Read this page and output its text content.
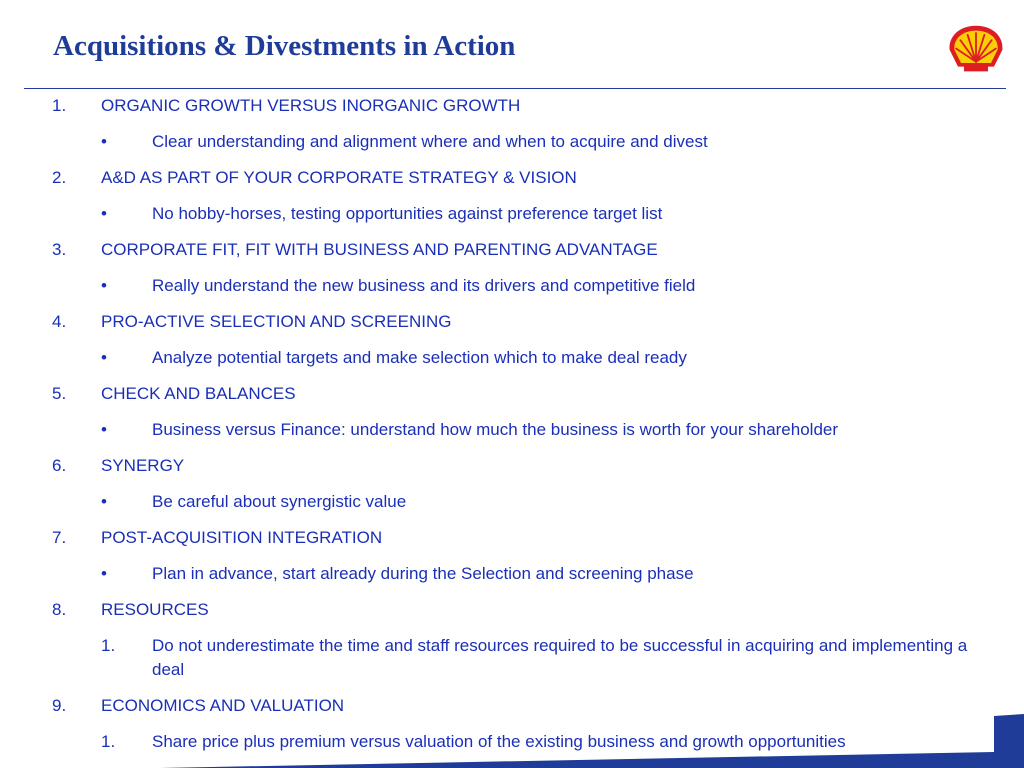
Acquisitions & Divestments in Action
1. ORGANIC GROWTH VERSUS INORGANIC GROWTH
•	Clear understanding and alignment where and when to acquire and divest
2. A&D AS PART OF YOUR CORPORATE STRATEGY & VISION
•	No hobby-horses, testing opportunities against preference target list
3. CORPORATE FIT, FIT WITH BUSINESS AND PARENTING ADVANTAGE
•	Really understand the new business and its drivers and competitive field
4. PRO-ACTIVE SELECTION AND SCREENING
•	Analyze potential targets and make selection which to make deal ready
5. CHECK AND BALANCES
•	Business versus Finance: understand how much the business is worth for your shareholder
6. SYNERGY
•	Be careful about synergistic value
7. POST-ACQUISITION INTEGRATION
•	Plan in advance, start already during the Selection and screening phase
8. RESOURCES
1. Do not underestimate the time and staff resources required to be successful in acquiring and implementing a deal
9. ECONOMICS AND VALUATION
1. Share price plus premium versus valuation of the existing business and growth opportunities
